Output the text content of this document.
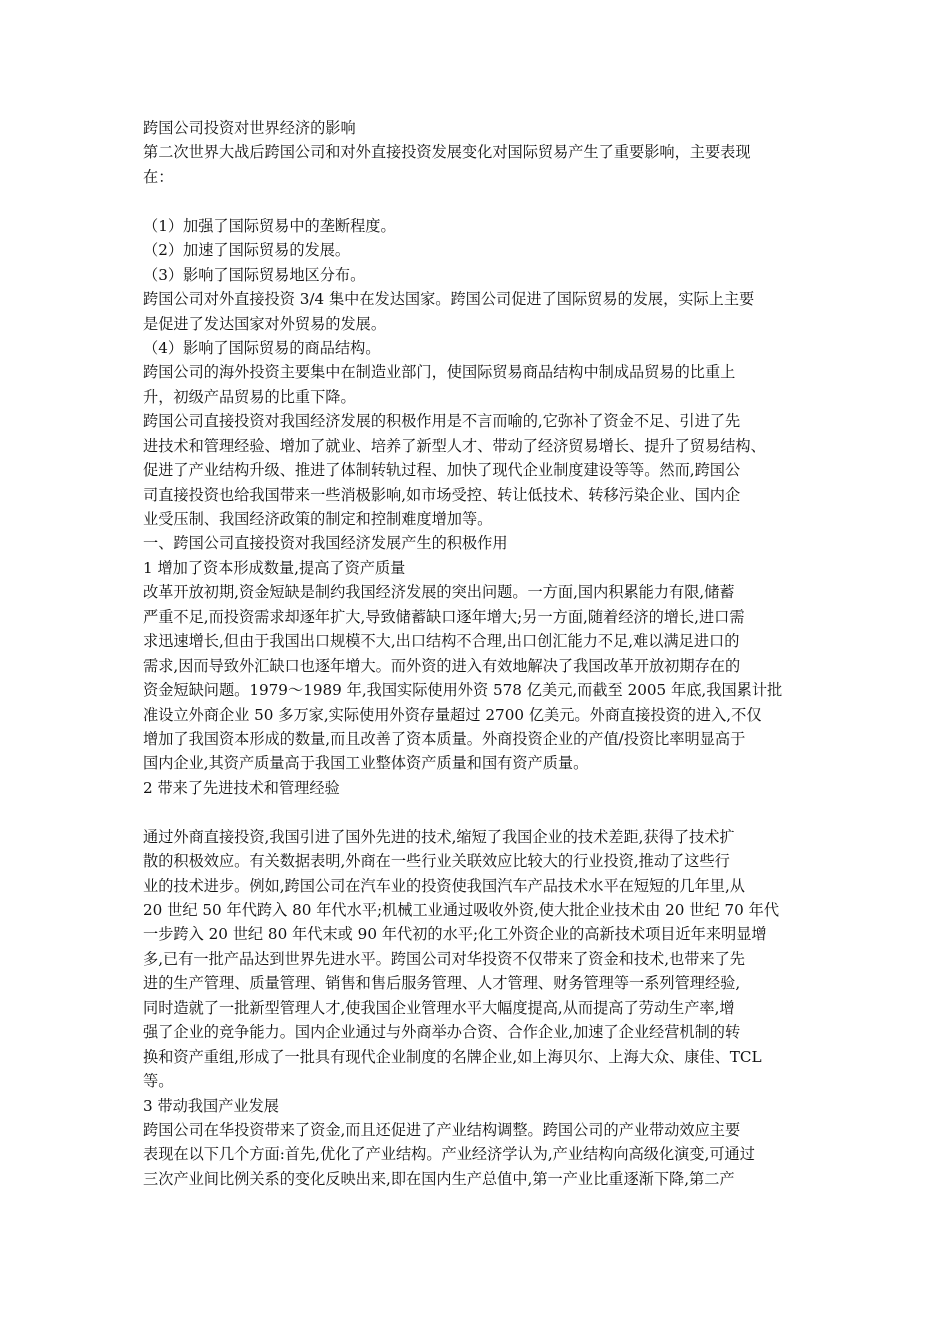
跨国公司投资对世界经济的影响
第二次世界大战后跨国公司和对外直接投资发展变化对国际贸易产生了重要影响，主要表现
在：
（1）加强了国际贸易中的垄断程度。
（2）加速了国际贸易的发展。
（3）影响了国际贸易地区分布。
跨国公司对外直接投资 3/4 集中在发达国家。跨国公司促进了国际贸易的发展，实际上主要
是促进了发达国家对外贸易的发展。
（4）影响了国际贸易的商品结构。
跨国公司的海外投资主要集中在制造业部门，使国际贸易商品结构中制成品贸易的比重上
升，初级产品贸易的比重下降。
跨国公司直接投资对我国经济发展的积极作用是不言而喻的,它弥补了资金不足、引进了先
进技术和管理经验、增加了就业、培养了新型人才、带动了经济贸易增长、提升了贸易结构、
促进了产业结构升级、推进了体制转轨过程、加快了现代企业制度建设等等。然而,跨国公
司直接投资也给我国带来一些消极影响,如市场受控、转让低技术、转移污染企业、国内企
业受压制、我国经济政策的制定和控制难度增加等。
一、跨国公司直接投资对我国经济发展产生的积极作用
1 增加了资本形成数量,提高了资产质量
改革开放初期,资金短缺是制约我国经济发展的突出问题。一方面,国内积累能力有限,储蓄
严重不足,而投资需求却逐年扩大,导致储蓄缺口逐年增大;另一方面,随着经济的增长,进口需
求迅速增长,但由于我国出口规模不大,出口结构不合理,出口创汇能力不足,难以满足进口的
需求,因而导致外汇缺口也逐年增大。而外资的进入有效地解决了我国改革开放初期存在的
资金短缺问题。1979～1989 年,我国实际使用外资 578 亿美元,而截至 2005 年底,我国累计批
准设立外商企业 50 多万家,实际使用外资存量超过 2700 亿美元。外商直接投资的进入,不仅
增加了我国资本形成的数量,而且改善了资本质量。外商投资企业的产值/投资比率明显高于
国内企业,其资产质量高于我国工业整体资产质量和国有资产质量。
2 带来了先进技术和管理经验
通过外商直接投资,我国引进了国外先进的技术,缩短了我国企业的技术差距,获得了技术扩
散的积极效应。有关数据表明,外商在一些行业关联效应比较大的行业投资,推动了这些行
业的技术进步。例如,跨国公司在汽车业的投资使我国汽车产品技术水平在短短的几年里,从
20 世纪 50 年代跨入 80 年代水平;机械工业通过吸收外资,使大批企业技术由 20 世纪 70 年代
一步跨入 20 世纪 80 年代末或 90 年代初的水平;化工外资企业的高新技术项目近年来明显增
多,已有一批产品达到世界先进水平。跨国公司对华投资不仅带来了资金和技术,也带来了先
进的生产管理、质量管理、销售和售后服务管理、人才管理、财务管理等一系列管理经验,
同时造就了一批新型管理人才,使我国企业管理水平大幅度提高,从而提高了劳动生产率,增
强了企业的竞争能力。国内企业通过与外商举办合资、合作企业,加速了企业经营机制的转
换和资产重组,形成了一批具有现代企业制度的名牌企业,如上海贝尔、上海大众、康佳、TCL
等。
3 带动我国产业发展
跨国公司在华投资带来了资金,而且还促进了产业结构调整。跨国公司的产业带动效应主要
表现在以下几个方面:首先,优化了产业结构。产业经济学认为,产业结构向高级化演变,可通过
三次产业间比例关系的变化反映出来,即在国内生产总值中,第一产业比重逐渐下降,第二产
